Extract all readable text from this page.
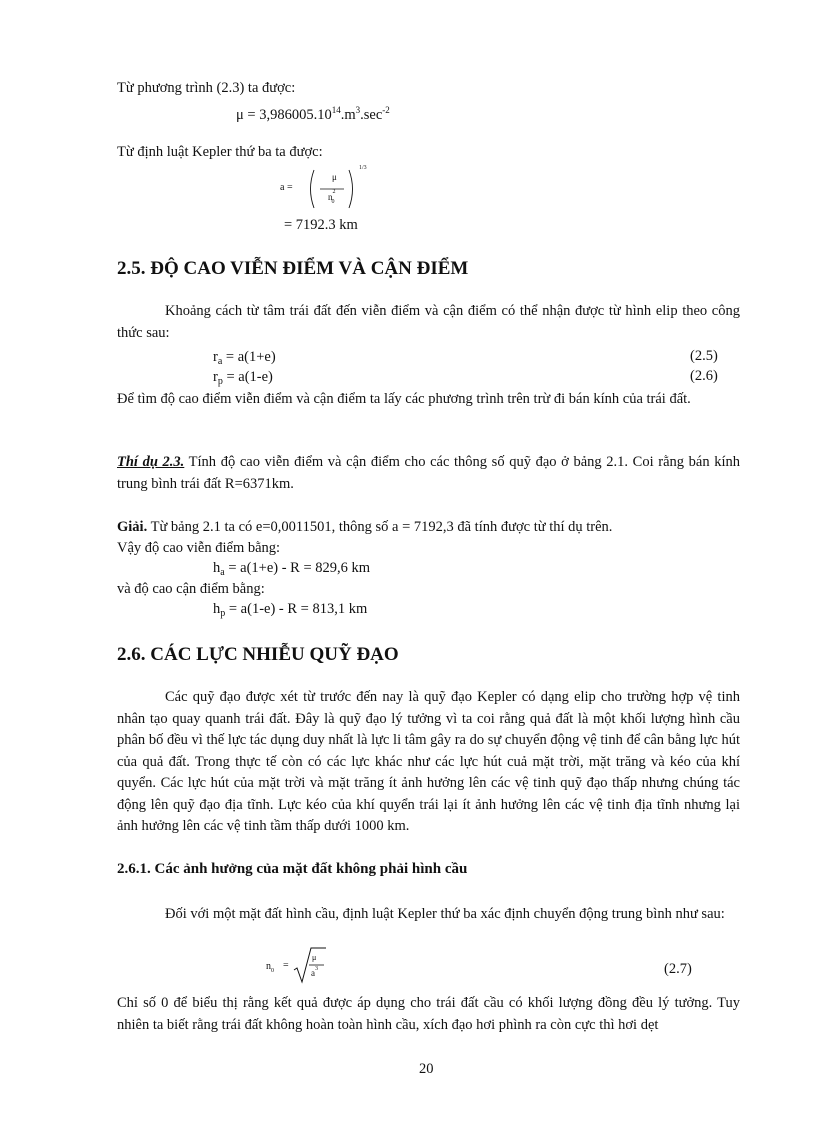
Từ phương trình (2.3) ta được:
$\mu = 3,986005.10^{14}.m^3.\sec^{-2}$
Từ định luật Kepler thứ ba ta được:
a =
μ
$n^2_0$
1/3
= 7192.3 km
2.5. ĐỘ CAO VIỄN ĐIỂM VÀ CẬN ĐIỂM
Khoảng cách từ tâm trái đất đến viễn điểm và cận điểm có thể nhận được từ hình elip theo công thức sau:
$r_a = a(1+e)$	(2.5)
$r_p = a(1-e)$	(2.6)
Để tìm độ cao điểm viễn điểm và cận điểm ta lấy các phương trình trên trừ đi bán kính của trái đất.
Thí dụ 2.3. Tính độ cao viễn điểm và cận điểm cho các thông số quỹ đạo ở bảng 2.1. Coi rằng bán kính trung bình trái đất R=6371km.
Giải. Từ bảng 2.1 ta có e=0,0011501, thông số a = 7192,3 đã tính được từ thí dụ trên.
Vậy độ cao viễn điểm bằng:
$h_a = a(1+e) - R = 829,6$ km
và độ cao cận điểm bằng:
$h_p = a(1-e) - R = 813,1$ km
2.6. CÁC LỰC NHIỄU QUỸ ĐẠO
Các quỹ đạo được xét từ trước đến nay là quỹ đạo Kepler có dạng elip cho trường hợp vệ tinh nhân tạo quay quanh trái đất. Đây là quỹ đạo lý tưởng vì ta coi rằng quả đất là một khối lượng hình cầu phân bố đều vì thế lực tác dụng duy nhất là lực li tâm gây ra do sự chuyển động vệ tinh để cân bằng lực hút của quả đất. Trong thực tế còn có các lực khác như các lực hút cuả mặt trời, mặt trăng và kéo của khí quyển. Các lực hút của mặt trời và mặt trăng ít ảnh hưởng lên các vệ tinh quỹ đạo thấp nhưng chúng tác động lên quỹ đạo địa tĩnh. Lực kéo của khí quyển trái lại ít ảnh hưởng lên các vệ tinh địa tĩnh nhưng lại ảnh hưởng lên các vệ tinh tầm thấp dưới 1000 km.
2.6.1. Các ảnh hưởng của mặt đất không phải hình cầu
Đối với một mặt đất hình cầu, định luật Kepler thứ ba xác định chuyển động trung bình như sau:
$n_0$ =
μ
$a^3$	(2.7)
Chỉ số 0 để biểu thị rằng kết quả được áp dụng cho trái đất cầu có khối lượng đồng đều lý tưởng. Tuy nhiên ta biết rằng trái đất không hoàn toàn hình cầu, xích đạo hơi phình ra còn cực thì hơi dẹt
20
